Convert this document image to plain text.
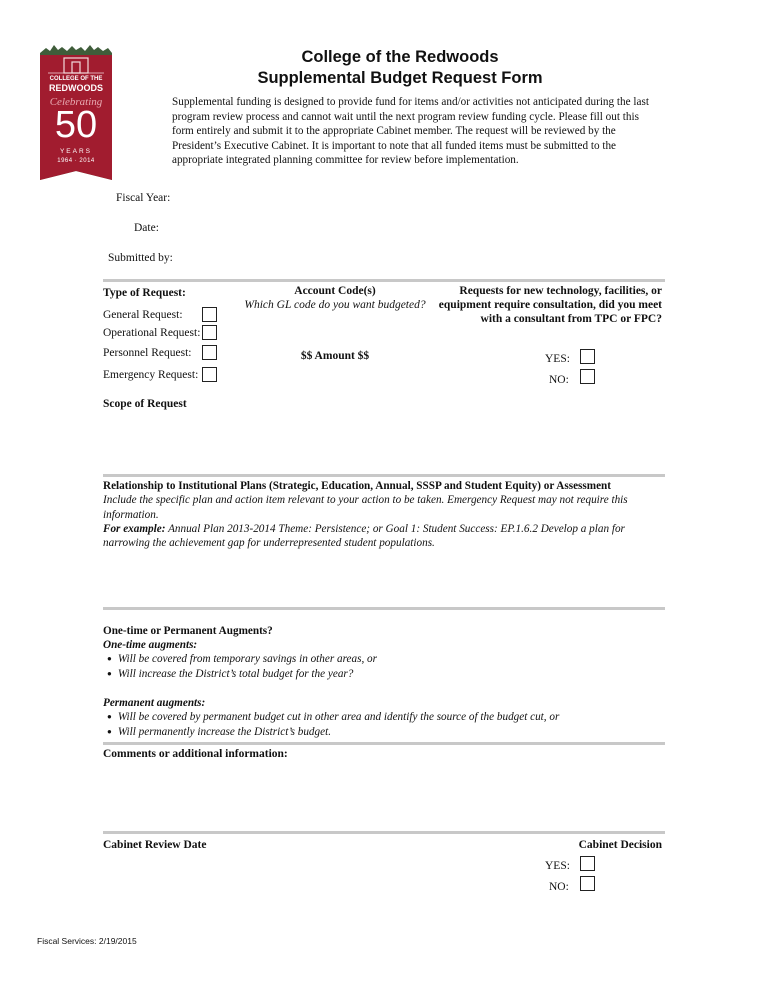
COLLEGE OF THE
REDWOODS
Celebrating
50
YEARS
1964 · 2014
College of the Redwoods
Supplemental Budget Request Form
Supplemental funding is designed to provide fund for items and/or activities not anticipated during the last program review process and cannot wait until the next program review funding cycle. Please fill out this form entirely and submit it to the appropriate Cabinet member. The request will be reviewed by the President’s Executive Cabinet. It is important to note that all funded items must be submitted to the appropriate integrated planning committee for review before implementation.
Fiscal Year:
Date:
Submitted by:
Type of Request:
General Request:
Operational Request:
Personnel Request:
Emergency Request:
Account Code(s)
Which GL code do you want budgeted?
$$ Amount $$
Requests for new technology, facilities, or
equipment require consultation, did you meet
with a consultant from TPC or FPC?
YES:
NO:
Scope of Request
Relationship to Institutional Plans (Strategic, Education, Annual, SSSP and Student Equity) or Assessment
Include the specific plan and action item relevant to your action to be taken. Emergency Request may not require this information.
For example: Annual Plan 2013-2014 Theme: Persistence; or Goal 1: Student Success: EP.1.6.2 Develop a plan for narrowing the achievement gap for underrepresented student populations.
One-time or Permanent Augments?
One-time augments:
● Will be covered from temporary savings in other areas, or
● Will increase the District’s total budget for the year?
Permanent augments:
● Will be covered by permanent budget cut in other area and identify the source of the budget cut, or
● Will permanently increase the District’s budget.
Comments or additional information:
Cabinet Review Date	Cabinet Decision
YES:
NO:
Fiscal Services: 2/19/2015
